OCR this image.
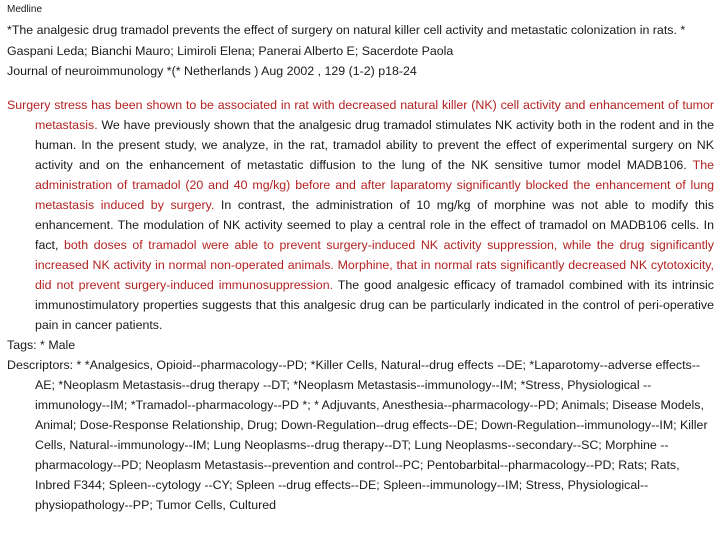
Medline
*The analgesic drug tramadol prevents the effect of surgery on natural killer cell activity and metastatic colonization in rats. *
Gaspani Leda; Bianchi Mauro; Limiroli Elena; Panerai Alberto E; Sacerdote Paola
Journal of neuroimmunology *(* Netherlands ) Aug 2002 , 129 (1-2) p18-24
Surgery stress has been shown to be associated in rat with decreased natural killer (NK) cell activity and enhancement of tumor metastasis. We have previously shown that the analgesic drug tramadol stimulates NK activity both in the rodent and in the human. In the present study, we analyze, in the rat, tramadol ability to prevent the effect of experimental surgery on NK activity and on the enhancement of metastatic diffusion to the lung of the NK sensitive tumor model MADB106. The administration of tramadol (20 and 40 mg/kg) before and after laparatomy significantly blocked the enhancement of lung metastasis induced by surgery. In contrast, the administration of 10 mg/kg of morphine was not able to modify this enhancement. The modulation of NK activity seemed to play a central role in the effect of tramadol on MADB106 cells. In fact, both doses of tramadol were able to prevent surgery-induced NK activity suppression, while the drug significantly increased NK activity in normal non-operated animals. Morphine, that in normal rats significantly decreased NK cytotoxicity, did not prevent surgery-induced immunosuppression. The good analgesic efficacy of tramadol combined with its intrinsic immunostimulatory properties suggests that this analgesic drug can be particularly indicated in the control of peri-operative pain in cancer patients.
Tags: * Male
Descriptors: * *Analgesics, Opioid--pharmacology--PD; *Killer Cells, Natural--drug effects --DE; *Laparotomy--adverse effects--AE; *Neoplasm Metastasis--drug therapy --DT; *Neoplasm Metastasis--immunology--IM; *Stress, Physiological --immunology--IM; *Tramadol--pharmacology--PD *; * Adjuvants, Anesthesia--pharmacology--PD; Animals; Disease Models, Animal; Dose-Response Relationship, Drug; Down-Regulation--drug effects--DE; Down-Regulation--immunology--IM; Killer Cells, Natural--immunology--IM; Lung Neoplasms--drug therapy--DT; Lung Neoplasms--secondary--SC; Morphine --pharmacology--PD; Neoplasm Metastasis--prevention and control--PC; Pentobarbital--pharmacology--PD; Rats; Rats, Inbred F344; Spleen--cytology --CY; Spleen --drug effects--DE; Spleen--immunology--IM; Stress, Physiological--physiopathology--PP; Tumor Cells, Cultured
